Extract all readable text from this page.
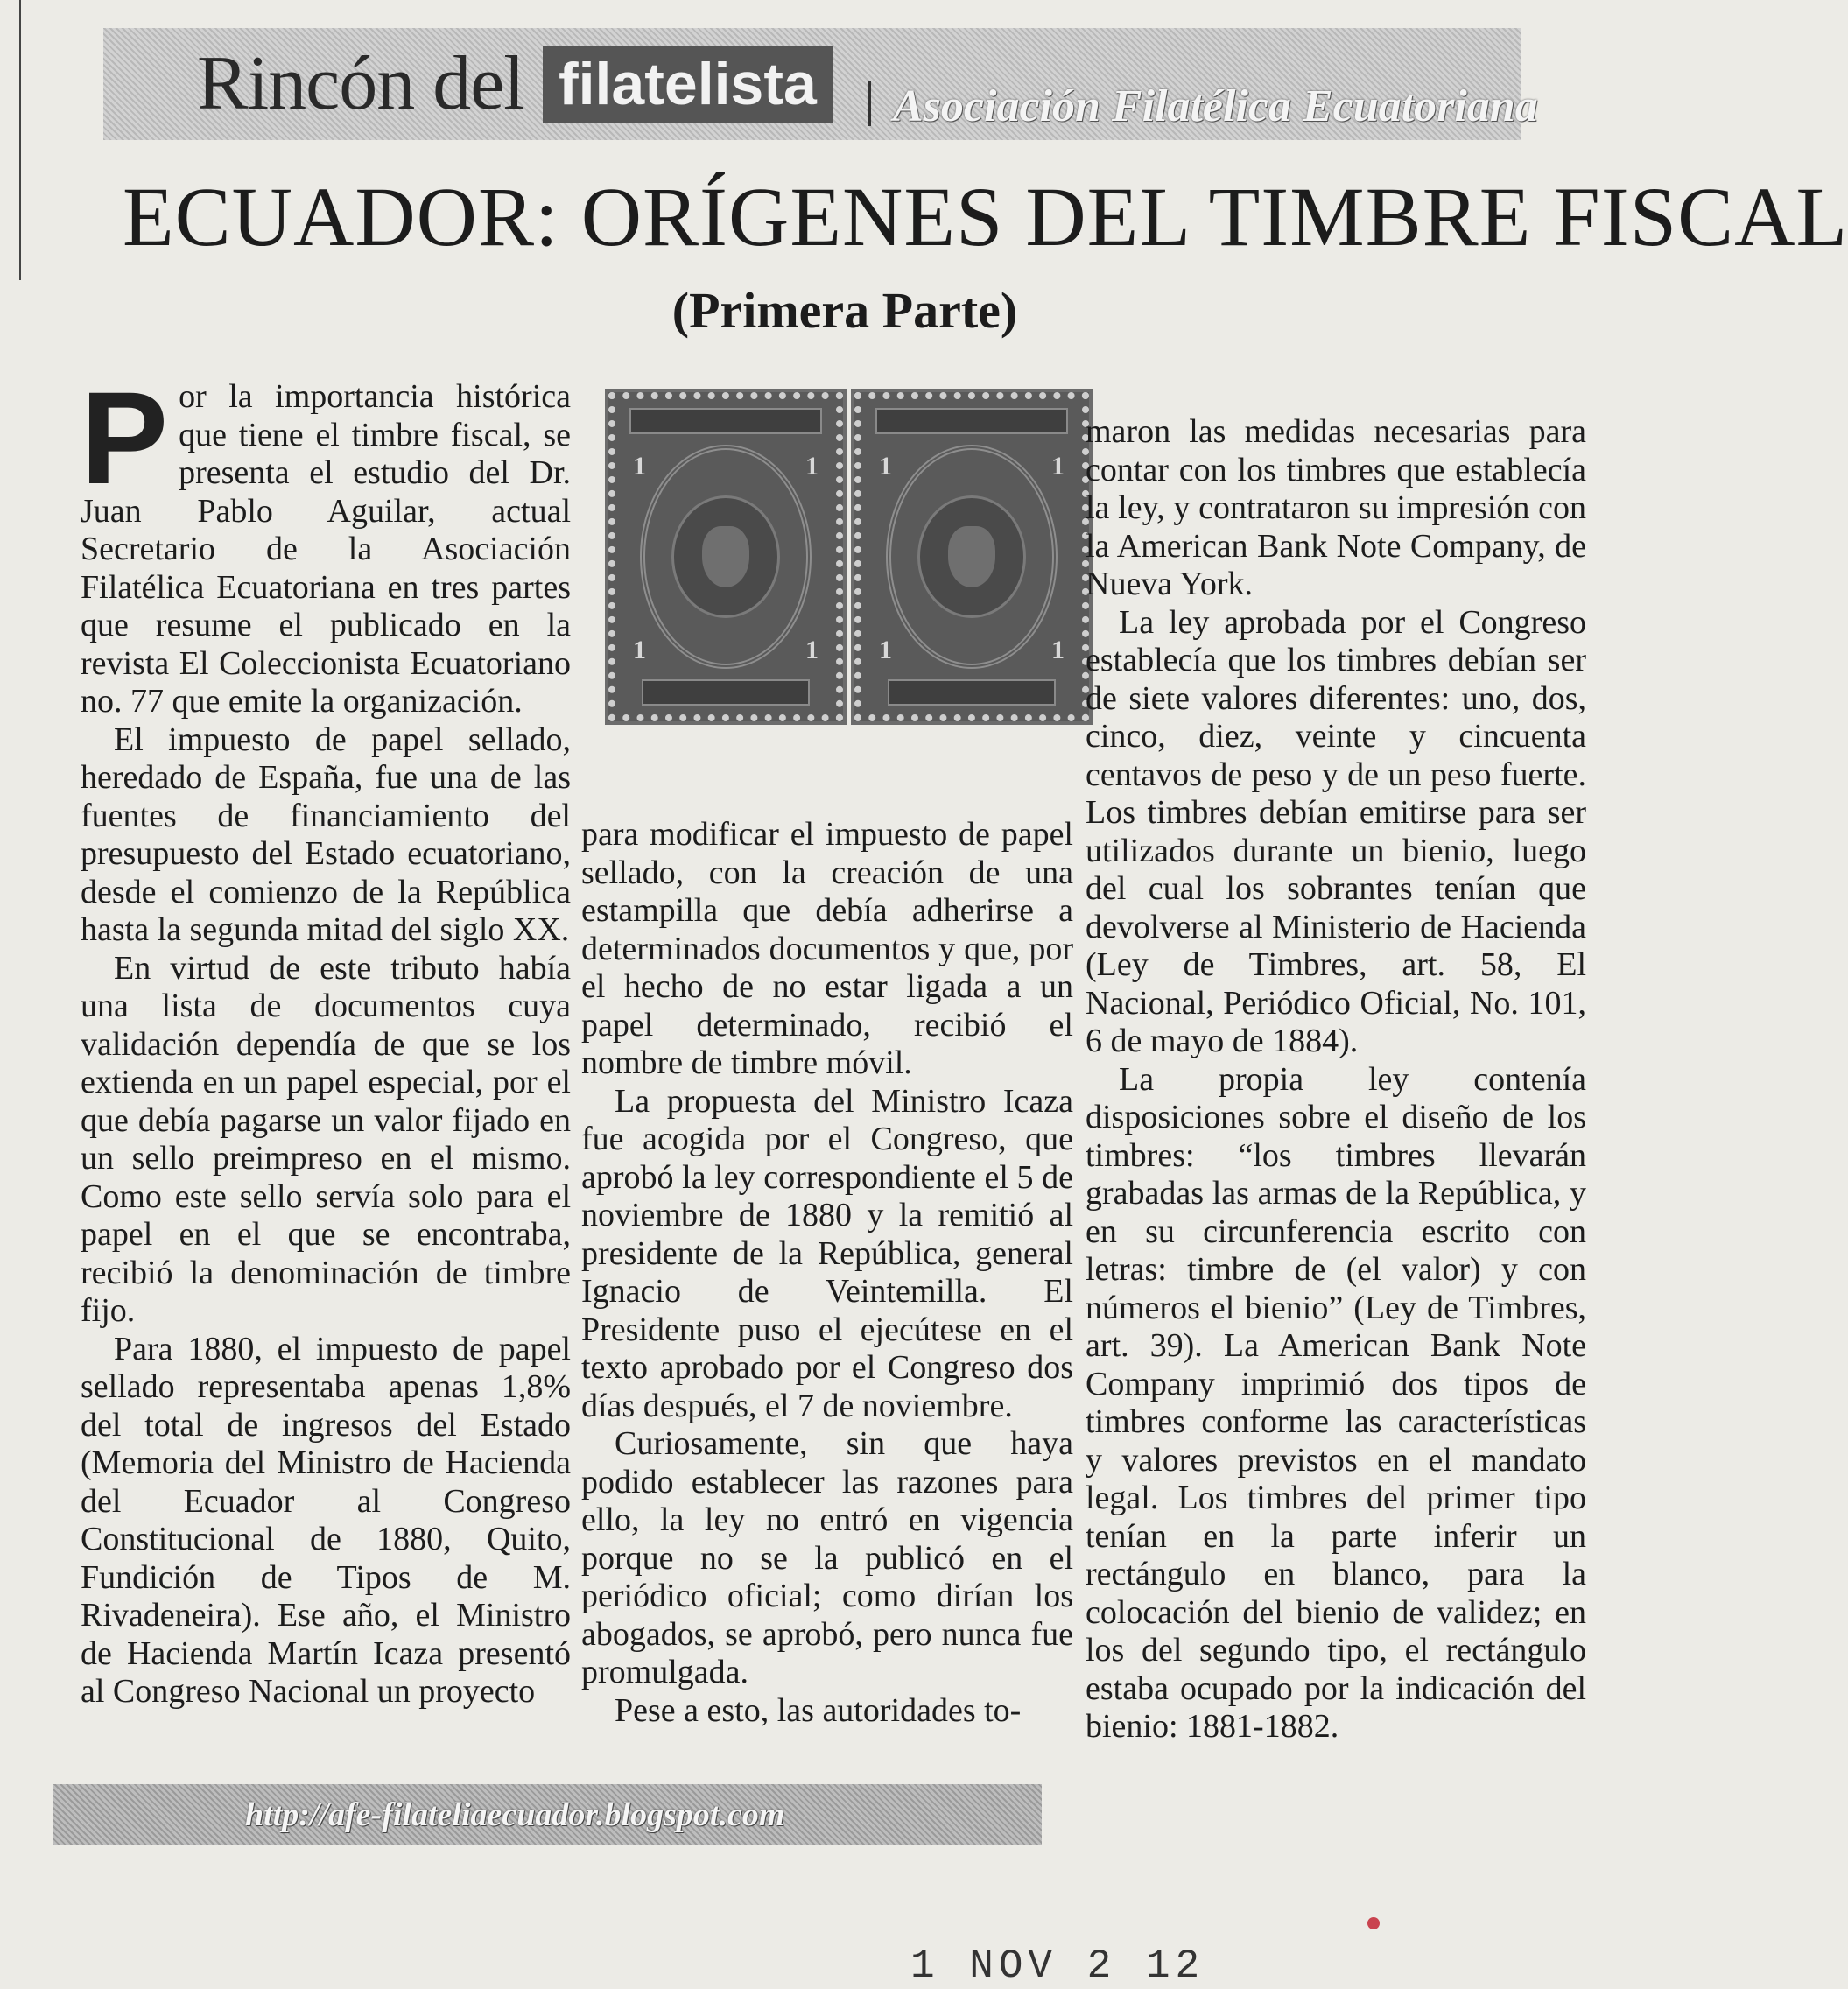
Rincón del filatelista	Asociación Filatélica Ecuatoriana
ECUADOR: ORÍGENES DEL TIMBRE FISCAL
(Primera Parte)

Por la importancia histórica que tiene el timbre fiscal, se presenta el estudio del Dr. Juan Pablo Aguilar, actual Secretario de la Asociación Filatélica Ecuatoriana en tres partes que resume el publicado en la revista El Coleccionista Ecuatoriano no. 77 que emite la organización.

El impuesto de papel sellado, heredado de España, fue una de las fuentes de financiamiento del presupuesto del Estado ecuatoriano, desde el comienzo de la República hasta la segunda mitad del siglo XX.

En virtud de este tributo había una lista de documentos cuya validación dependía de que se los extienda en un papel especial, por el que debía pagarse un valor fijado en un sello preimpreso en el mismo. Como este sello servía solo para el papel en el que se encontraba, recibió la denominación de timbre fijo.

Para 1880, el impuesto de papel sellado representaba apenas 1,8% del total de ingresos del Estado (Memoria del Ministro de Hacienda del Ecuador al Congreso Constitucional de 1880, Quito, Fundición de Tipos de M. Rivadeneira). Ese año, el Ministro de Hacienda Martín Icaza presentó al Congreso Nacional un proyecto

1	1
1	1
1	1
1	1

para modificar el impuesto de papel sellado, con la creación de una estampilla que debía adherirse a determinados documentos y que, por el hecho de no estar ligada a un papel determinado, recibió el nombre de timbre móvil.

La propuesta del Ministro Icaza fue acogida por el Congreso, que aprobó la ley correspondiente el 5 de noviembre de 1880 y la remitió al presidente de la República, general Ignacio de Veintemilla. El Presidente puso el ejecútese en el texto aprobado por el Congreso dos días después, el 7 de noviembre.

Curiosamente, sin que haya podido establecer las razones para ello, la ley no entró en vigencia porque no se la publicó en el periódico oficial; como dirían los abogados, se aprobó, pero nunca fue promulgada.

Pese a esto, las autoridades to-

maron las medidas necesarias para contar con los timbres que establecía la ley, y contrataron su impresión con la American Bank Note Company, de Nueva York.

La ley aprobada por el Congreso establecía que los timbres debían ser de siete valores diferentes: uno, dos, cinco, diez, veinte y cincuenta centavos de peso y de un peso fuerte. Los timbres debían emitirse para ser utilizados durante un bienio, luego del cual los sobrantes tenían que devolverse al Ministerio de Hacienda (Ley de Timbres, art. 58, El Nacional, Periódico Oficial, No. 101, 6 de mayo de 1884).

La propia ley contenía disposiciones sobre el diseño de los timbres: “los timbres llevarán grabadas las armas de la República, y en su circunferencia escrito con letras: timbre de (el valor) y con números el bienio” (Ley de Timbres, art. 39). La American Bank Note Company imprimió dos tipos de timbres conforme las características y valores previstos en el mandato legal. Los timbres del primer tipo tenían en la parte inferir un rectángulo en blanco, para la colocación del bienio de validez; en los del segundo tipo, el rectángulo estaba ocupado por la indicación del bienio: 1881-1882.

http://afe-filateliaecuador.blogspot.com
1 NOV 2 12
